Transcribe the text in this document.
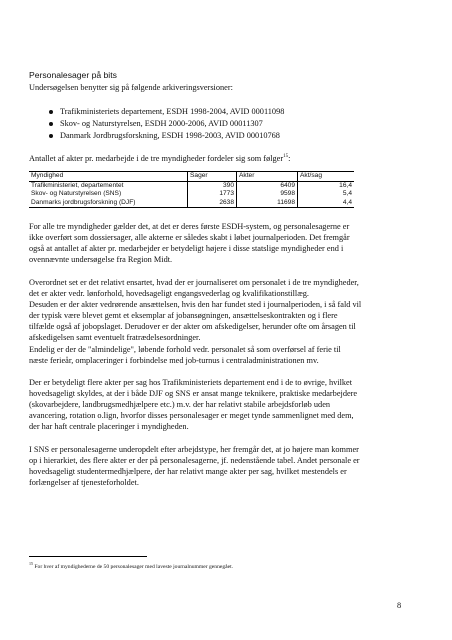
Personalesager på bits
Undersøgelsen benytter sig på følgende arkiveringsversioner:
Trafikministeriets departement, ESDH 1998-2004, AVID 00011098
Skov- og Naturstyrelsen, ESDH 2000-2006, AVID 00011307
Danmark Jordbrugsforskning, ESDH 1998-2003, AVID 00010768
Antallet af akter pr. medarbejde i de tre myndigheder fordeler sig som følger$^{15}$:
Myndighed	Sager	Akter	Akt/sag
Trafikministeriet, departementet	390	6409	16,4
Skov- og Naturstyrelsen (SNS)	1773	9598	5,4
Danmarks jordbrugsforskning (DJF)	2638	11698	4,4
For alle tre myndigheder gælder det, at det er deres første ESDH-system, og personalesagerne er
ikke overført som dossiersager, alle akterne er således skabt i løbet journalperioden. Det fremgår
også at antallet af akter pr. medarbejder er betydeligt højere i disse statslige myndigheder end i
ovennævnte undersøgelse fra Region Midt.
Overordnet set er det relativt ensartet, hvad der er journaliseret om personalet i de tre myndigheder,
det er akter vedr. lønforhold, hovedsageligt engangsvederlag og kvalifikationstillæg.
Desuden er der akter vedrørende ansættelsen, hvis den har fundet sted i journalperioden, i så fald vil
der typisk være blevet gemt et eksemplar af jobansøgningen, ansættelseskontrakten og i flere
tilfælde også af jobopslaget. Derudover er der akter om afskedigelser, herunder ofte om årsagen til
afskedigelsen samt eventuelt fratrædelsesordninger.
Endelig er der de "almindelige", løbende forhold vedr. personalet så som overførsel af ferie til
næste ferieår, omplaceringer i forbindelse med job-turnus i centraladministrationen mv.
Der er betydeligt flere akter per sag hos Trafikministeriets departement end i de to øvrige, hvilket
hovedsageligt skyldes, at der i både DJF og SNS er ansat mange teknikere, praktiske medarbejdere
(skovarbejdere, landbrugsmedhjælpere etc.) m.v. der har relativt stabile arbejdsforløb uden
avancering, rotation o.lign, hvorfor disses personalesager er meget tynde sammenlignet med dem,
der har haft centrale placeringer i myndigheden.
I SNS er personalesagerne underopdelt efter arbejdstype, her fremgår det, at jo højere man kommer
op i hierarkiet, des flere akter er der på personalesagerne, jf. nedenstående tabel. Andet personale er
hovedsageligt studentermedhjælpere, der har relativt mange akter per sag, hvilket mestendels er
forlængelser af tjenesteforholdet.
$^{15}$ For hver af myndighederne de 50 personalesager med laveste journalnummer gennegået.
8
